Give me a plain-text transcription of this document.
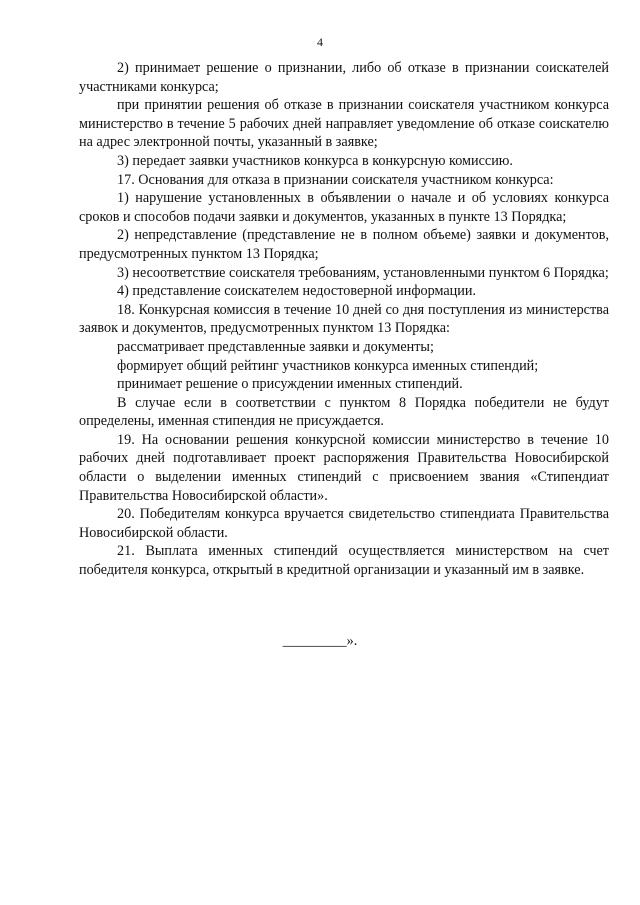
4

2) принимает решение о признании, либо об отказе в признании соискателей участниками конкурса;

при принятии решения об отказе в признании соискателя участником конкурса министерство в течение 5 рабочих дней направляет уведомление об отказе соискателю на адрес электронной почты, указанный в заявке;

3) передает заявки участников конкурса в конкурсную комиссию.

17. Основания для отказа в признании соискателя участником конкурса:

1) нарушение установленных в объявлении о начале и об условиях конкурса сроков и способов подачи заявки и документов, указанных в пункте 13 Порядка;

2) непредставление (представление не в полном объеме) заявки и документов, предусмотренных пунктом 13 Порядка;

3) несоответствие соискателя требованиям, установленными пунктом 6 Порядка;

4) представление соискателем недостоверной информации.

18. Конкурсная комиссия в течение 10 дней со дня поступления из министерства заявок и документов, предусмотренных пунктом 13 Порядка:

рассматривает представленные заявки и документы;

формирует общий рейтинг участников конкурса именных стипендий;

принимает решение о присуждении именных стипендий.

В случае если в соответствии с пунктом 8 Порядка победители не будут определены, именная стипендия не присуждается.

19. На основании решения конкурсной комиссии министерство в течение 10 рабочих дней подготавливает проект распоряжения Правительства Новосибирской области о выделении именных стипендий с присвоением звания «Стипендиат Правительства Новосибирской области».

20. Победителям конкурса вручается свидетельство стипендиата Правительства Новосибирской области.

21. Выплата именных стипендий осуществляется министерством на счет победителя конкурса, открытый в кредитной организации и указанный им в заявке.

_________».
